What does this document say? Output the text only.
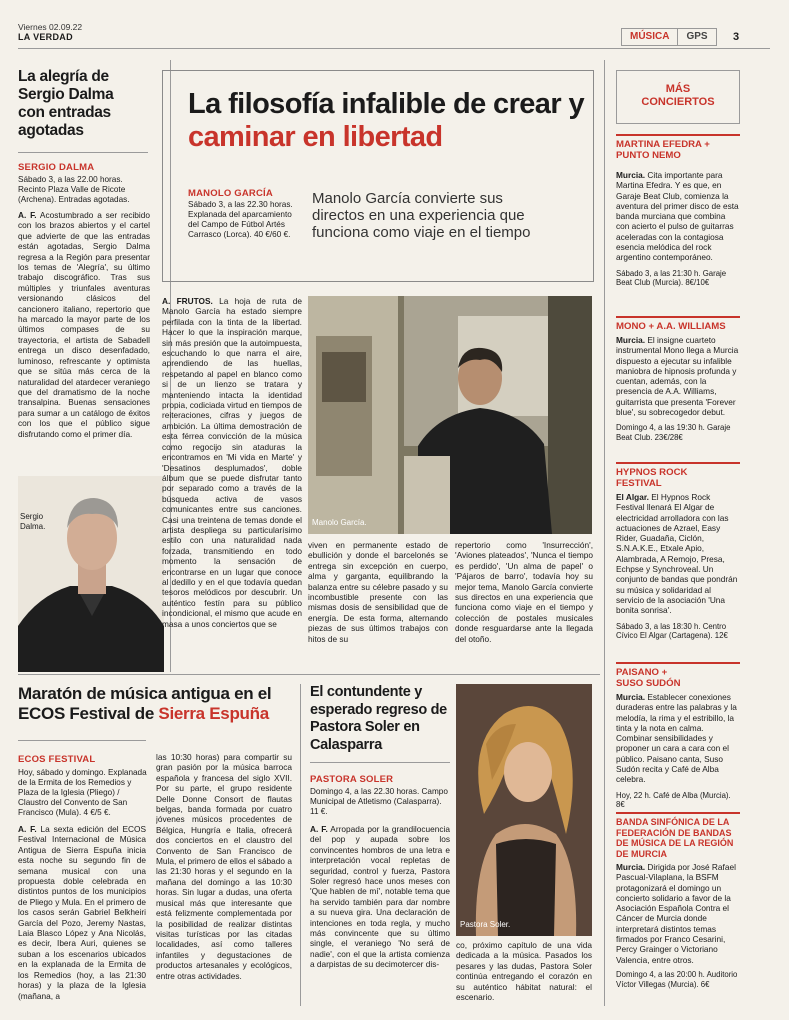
Viernes 02.09.22
LA VERDAD	MÚSICA	GPS	3
La alegría de Sergio Dalma con entradas agotadas
SERGIO DALMA
Sábado 3, a las 22.00 horas. Recinto Plaza Valle de Ricote (Archena). Entradas agotadas.
A. F. Acostumbrado a ser recibido con los brazos abiertos y el cartel que advierte de que las entradas están agotadas, Sergio Dalma regresa a la Región para presentar los temas de 'Alegría', su último trabajo discográfico. Tras sus múltiples y triunfales aventuras versionando clásicos del cancionero italiano, repertorio que ha marcado la mayor parte de los últimos compases de su trayectoria, el artista de Sabadell entrega un disco desenfadado, luminoso, refrescante y optimista que se sitúa más cerca de la naturalidad del atardecer veraniego que del dramatismo de la noche transalpina. Buenas sensaciones para sumar a un catálogo de éxitos con los que el público sigue disfrutando como el primer día.
Sergio Dalma.
La filosofía infalible de crear y caminar en libertad
MANOLO GARCÍA
Sábado 3, a las 22.30 horas. Explanada del aparcamiento del Campo de Fútbol Artés Carrasco (Lorca). 40 €/60 €.
Manolo García convierte sus directos en una experiencia que funciona como viaje en el tiempo
A. FRUTOS. La hoja de ruta de Manolo García ha estado siempre perfilada con la tinta de la libertad. Hacer lo que la inspiración marque, sin más presión que la autoimpuesta, escuchando lo que narra el aire, aprendiendo de las huellas, respetando al papel en blanco como si de un lienzo se tratara y manteniendo intacta la identidad propia, codiciada virtud en tiempos de reiteraciones, cifras y juegos de ambición. La última demostración de esta férrea convicción de la música como regocijo sin ataduras la encontramos en 'Mi vida en Marte' y 'Desatinos desplumados', doble álbum que se puede disfrutar tanto por separado como a través de la búsqueda activa de vasos comunicantes entre sus canciones. Casi una treintena de temas donde el artista despliega su particularísimo estilo con una naturalidad nada forzada, transmitiendo en todo momento la sensación de encontrarse en un lugar que conoce al dedillo y en el que todavía quedan tesoros melódicos por descubrir. Un auténtico festín para su público incondicional, el mismo que acude en masa a unos conciertos que se
Manolo García.
viven en permanente estado de ebullición y donde el barcelonés se entrega sin excepción en cuerpo, alma y garganta, equilibrando la balanza entre su célebre pasado y su incombustible presente con las mismas dosis de sensibilidad que de energía. De esta forma, alternando piezas de sus últimos trabajos con hitos de su
repertorio como 'Insurrección', 'Aviones plateados', 'Nunca el tiempo es perdido', 'Un alma de papel' o 'Pájaros de barro', todavía hoy su mejor tema, Manolo García convierte sus directos en una experiencia que funciona como viaje en el tiempo y colección de postales musicales donde resguardarse ante la llegada del otoño.
Maratón de música antigua en el ECOS Festival de Sierra Espuña
ECOS FESTIVAL
Hoy, sábado y domingo. Explanada de la Ermita de los Remedios y Plaza de la Iglesia (Pliego) / Claustro del Convento de San Francisco (Mula). 4 €/5 €.
A. F. La sexta edición del ECOS Festival Internacional de Música Antigua de Sierra Espuña inicia esta noche su segundo fin de semana musical con una propuesta doble celebrada en distintos puntos de los municipios de Pliego y Mula. En el primero de los casos serán Gabriel Belkheiri García del Pozo, Jeremy Nastas, Laia Blasco López y Ana Nicolás, es decir, Ibera Auri, quienes se suban a los escenarios ubicados en la explanada de la Ermita de los Remedios (hoy, a las 21:30 horas) y la plaza de la Iglesia (mañana, a
las 10:30 horas) para compartir su gran pasión por la música barroca española y francesa del siglo XVII. Por su parte, el grupo residente Delle Donne Consort de flautas belgas, banda formada por cuatro jóvenes músicos procedentes de Bélgica, Hungría e Italia, ofrecerá dos conciertos en el claustro del Convento de San Francisco de Mula, el primero de ellos el sábado a las 21:30 horas y el segundo en la mañana del domingo a las 10:30 horas. Sin lugar a dudas, una oferta musical más que interesante que está felizmente complementada por la posibilidad de realizar distintas visitas turísticas por las citadas localidades, así como talleres infantiles y degustaciones de productos artesanales y ecológicos, entre otras actividades.
El contundente y esperado regreso de Pastora Soler en Calasparra
PASTORA SOLER
Domingo 4, a las 22.30 horas. Campo Municipal de Atletismo (Calasparra). 11 €.
A. F. Arropada por la grandilocuencia del pop y aupada sobre los convincentes hombros de una letra e interpretación vocal repletas de seguridad, control y fuerza, Pastora Soler regresó hace unos meses con 'Que hablen de mí', notable tema que ha servido también para dar nombre a su nueva gira. Una declaración de intenciones en toda regla, y mucho más convincente que su último single, el veraniego 'No será de nadie', con el que la artista comienza a darpistas de su decimotercer dis-
Pastora Soler.
co, próximo capítulo de una vida dedicada a la música. Pasados los pesares y las dudas, Pastora Soler continúa entregando el corazón en su auténtico hábitat natural: el escenario.
MÁS
CONCIERTOS
MARTINA EFEDRA + PUNTO NEMO
Murcia. Cita importante para Martina Efedra. Y es que, en Garaje Beat Club, comienza la aventura del primer disco de esta banda murciana que combina con acierto el pulso de guitarras aceleradas con la contagiosa esencia melódica del rock argentino contemporáneo.
Sábado 3, a las 21:30 h. Garaje Beat Club (Murcia). 8€/10€
MONO + A.A. WILLIAMS
Murcia. El insigne cuarteto instrumental Mono llega a Murcia dispuesto a ejecutar su infalible maniobra de hipnosis profunda y cuentan, además, con la presencia de A.A. Williams, guitarrista que presenta 'Forever blue', su sobrecogedor debut.
Domingo 4, a las 19:30 h. Garaje Beat Club. 23€/28€
HYPNOS ROCK FESTIVAL
El Algar. El Hypnos Rock Festival llenará El Algar de electricidad arrolladora con las actuaciones de Azrael, Easy Rider, Guadaña, Ciclón, S.N.A.K.E., Etxale Apio, Alambrada, A Remojo, Presa, Echpse y Synchroveal. Un conjunto de bandas que pondrán su música y solidaridad al servicio de la asociación 'Una bonita sonrisa'.
Sábado 3, a las 18:30 h. Centro Cívico El Algar (Cartagena). 12€
PAISANO + SUSO SUDÓN
Murcia. Establecer conexiones duraderas entre las palabras y la melodía, la rima y el estribillo, la tinta y la nota en calma. Combinar sensibilidades y proponer un cara a cara con el público. Paisano canta, Suso Sudón recita y Café de Alba celebra.
Hoy, 22 h. Café de Alba (Murcia). 8€
BANDA SINFÓNICA DE LA FEDERACIÓN DE BANDAS DE MÚSICA DE LA REGIÓN DE MURCIA
Murcia. Dirigida por José Rafael Pascual-Vilaplana, la BSFM protagonizará el domingo un concierto solidario a favor de la Asociación Española Contra el Cáncer de Murcia donde interpretará distintos temas firmados por Franco Cesarini, Percy Grainger o Victoriano Valencia, entre otros.
Domingo 4, a las 20:00 h. Auditorio Víctor Villegas (Murcia). 6€
